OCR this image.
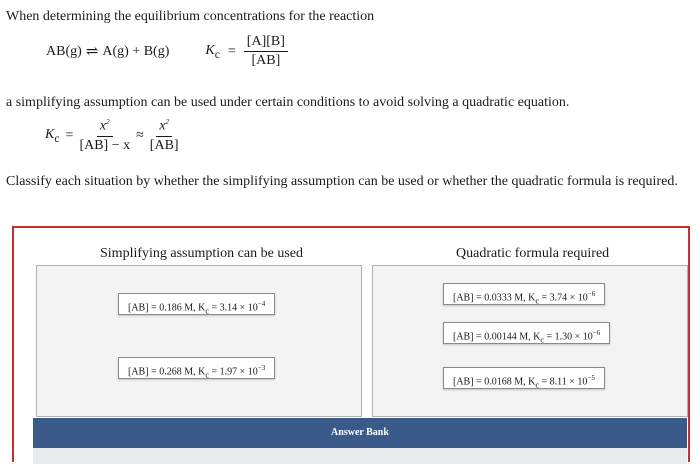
When determining the equilibrium concentrations for the reaction
AB(g) ⇌ A(g) + B(g)	$K_c = \frac{[A][B]}{[AB]}$
a simplifying assumption can be used under certain conditions to avoid solving a quadratic equation.
$K_c = \frac{x^2}{[AB] - x} \approx \frac{x^2}{[AB]}$
Classify each situation by whether the simplifying assumption can be used or whether the quadratic formula is required.
Simplifying assumption can be used	Quadratic formula required
[AB] = 0.186 M, $K_c = 3.14 \times 10^{-4}$
[AB] = 0.268 M, $K_c = 1.97 \times 10^{-3}$
[AB] = 0.0333 M, $K_c = 3.74 \times 10^{-6}$
[AB] = 0.00144 M, $K_c = 1.30 \times 10^{-6}$
[AB] = 0.0168 M, $K_c = 8.11 \times 10^{-5}$
Answer Bank
